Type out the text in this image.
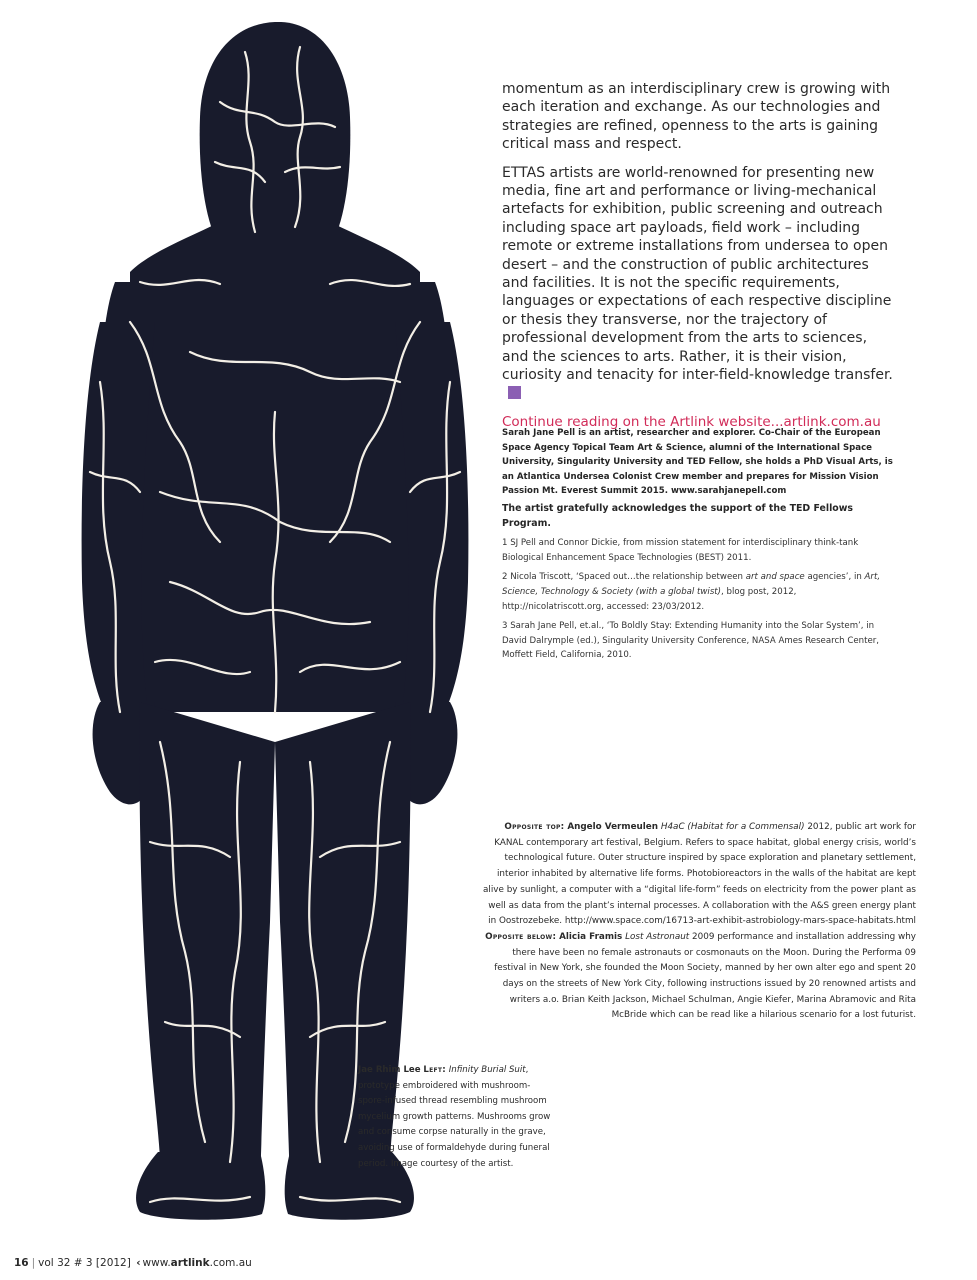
momentum as an interdisciplinary crew is growing with each iteration and exchange. As our technologies and strategies are refined, openness to the arts is gaining critical mass and respect.

ETTAS artists are world-renowned for presenting new media, fine art and performance or living-mechanical artefacts for exhibition, public screening and outreach including space art payloads, field work – including remote or extreme installations from undersea to open desert – and the construction of public architectures and facilities. It is not the specific requirements, languages or expectations of each respective discipline or thesis they transverse, nor the trajectory of professional development from the arts to sciences, and the sciences to arts. Rather, it is their vision, curiosity and tenacity for inter-field-knowledge transfer.

Continue reading on the Artlink website...artlink.com.au

Sarah Jane Pell is an artist, researcher and explorer. Co-Chair of the European Space Agency Topical Team Art & Science, alumni of the International Space University, Singularity University and TED Fellow, she holds a PhD Visual Arts, is an Atlantica Undersea Colonist Crew member and prepares for Mission Vision Passion Mt. Everest Summit 2015. www.sarahjanepell.com

The artist gratefully acknowledges the support of the TED Fellows Program.

1 SJ Pell and Connor Dickie, from mission statement for interdisciplinary think-tank Biological Enhancement Space Technologies (BEST) 2011.

2 Nicola Triscott, ‘Spaced out…the relationship between art and space agencies’, in Art, Science, Technology & Society (with a global twist), blog post, 2012, http://nicolatriscott.org, accessed: 23/03/2012.

3 Sarah Jane Pell, et.al., ‘To Boldly Stay: Extending Humanity into the Solar System’, in David Dalrymple (ed.), Singularity University Conference, NASA Ames Research Center, Moffett Field, California, 2010.

Opposite top: Angelo Vermeulen H4aC (Habitat for a Commensal) 2012, public art work for KANAL contemporary art festival, Belgium. Refers to space habitat, global energy crisis, world’s technological future. Outer structure inspired by space exploration and planetary settlement, interior inhabited by alternative life forms. Photobioreactors in the walls of the habitat are kept alive by sunlight, a computer with a “digital life-form” feeds on electricity from the power plant as well as data from the plant’s internal processes. A collaboration with the A&S green energy plant in Oostrozebeke. http://www.space.com/16713-art-exhibit-astrobiology-mars-space-habitats.html Opposite below: Alicia Framis Lost Astronaut 2009 performance and installation addressing why there have been no female astronauts or cosmonauts on the Moon. During the Performa 09 festival in New York, she founded the Moon Society, manned by her own alter ego and spent 20 days on the streets of New York City, following instructions issued by 20 renowned artists and writers a.o. Brian Keith Jackson, Michael Schulman, Angie Kiefer, Marina Abramovic and Rita McBride which can be read like a hilarious scenario for a lost futurist.

Jae Rhim Lee Left: Infinity Burial Suit, prototype embroidered with mushroom-spore-infused thread resembling mushroom mycelium growth patterns. Mushrooms grow and consume corpse naturally in the grave, avoiding use of formaldehyde during funeral period. Image courtesy of the artist.

16 | vol 32 # 3 [2012] ‹ www.artlink.com.au
